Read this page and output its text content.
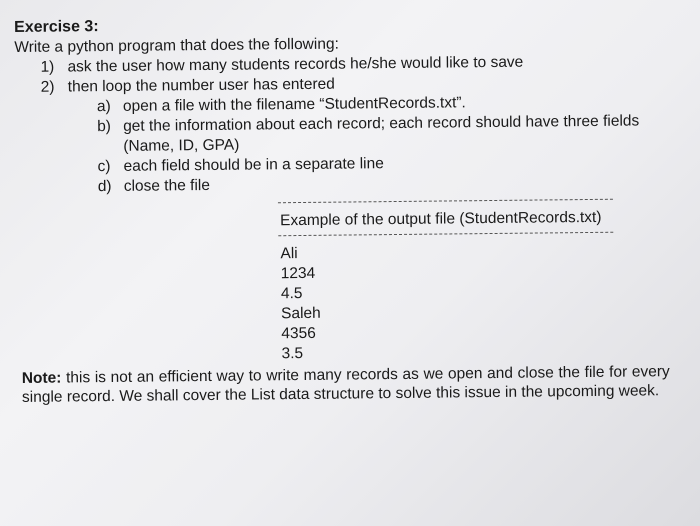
Exercise 3:

Write a python program that does the following:

1) ask the user how many students records he/she would like to save
2) then loop the number user has entered
a) open a file with the filename “StudentRecords.txt”.
b) get the information about each record; each record should have three fields
(Name, ID, GPA)
c) each field should be in a separate line
d) close the file

Example of the output file (StudentRecords.txt)

Ali
1234
4.5
Saleh
4356
3.5

Note: this is not an efficient way to write many records as we open and close the file for every single record. We shall cover the List data structure to solve this issue in the upcoming week.
